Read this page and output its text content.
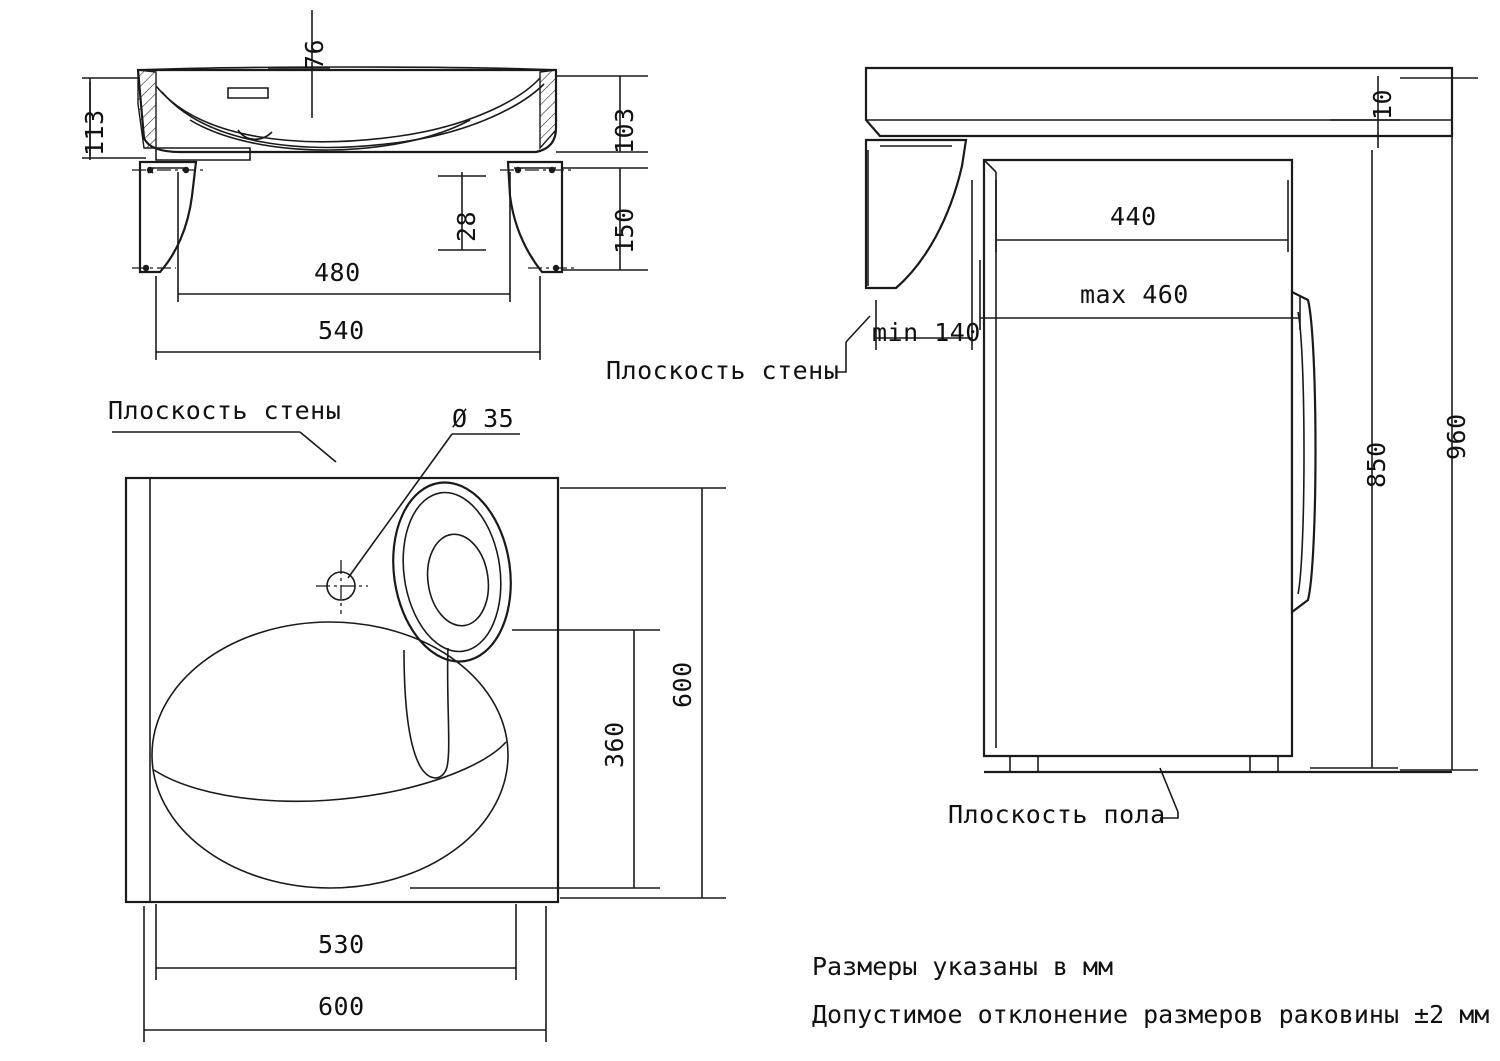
76
113	103
28	150
480
540
Плоскость стены	Ø 35
360
600
530
600
Плоскость стены
10
440
max 460
min 140
850
960
Плоскость пола
Размеры указаны в мм
Допустимое отклонение размеров раковины ±2 мм
